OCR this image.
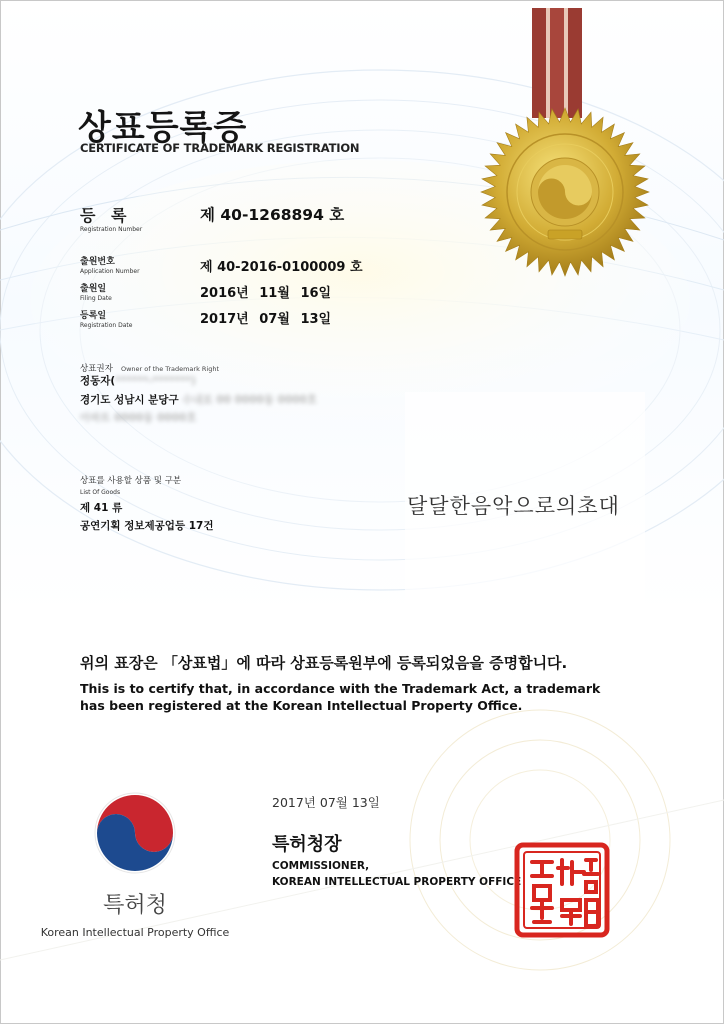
상표등록증
CERTIFICATE OF TRADEMARK REGISTRATION
등 록
Registration Number
제 40-1268894 호
출원번호
Application Number	제 40-2016-0100009 호
출원일
Filing Date	2016년 11월 16일
등록일
Registration Date	2017년 07월 13일
상표권자 Owner of the Trademark Right
정동자(******-*******)
경기도 성남시 분당구 수내로 00 0000동 0000호
아파트 0000동 0000호
상표를 사용할 상품 및 구분
List Of Goods
제 41 류
공연기획 정보제공업등 17건
달달한음악으로의초대
위의 표장은 「상표법」에 따라 상표등록원부에 등록되었음을 증명합니다.
This is to certify that, in accordance with the Trademark Act, a trademark
has been registered at the Korean Intellectual Property Office.
2017년 07월 13일
특허청장
COMMISSIONER,
KOREAN INTELLECTUAL PROPERTY OFFICE
특허청
Korean Intellectual Property Office
